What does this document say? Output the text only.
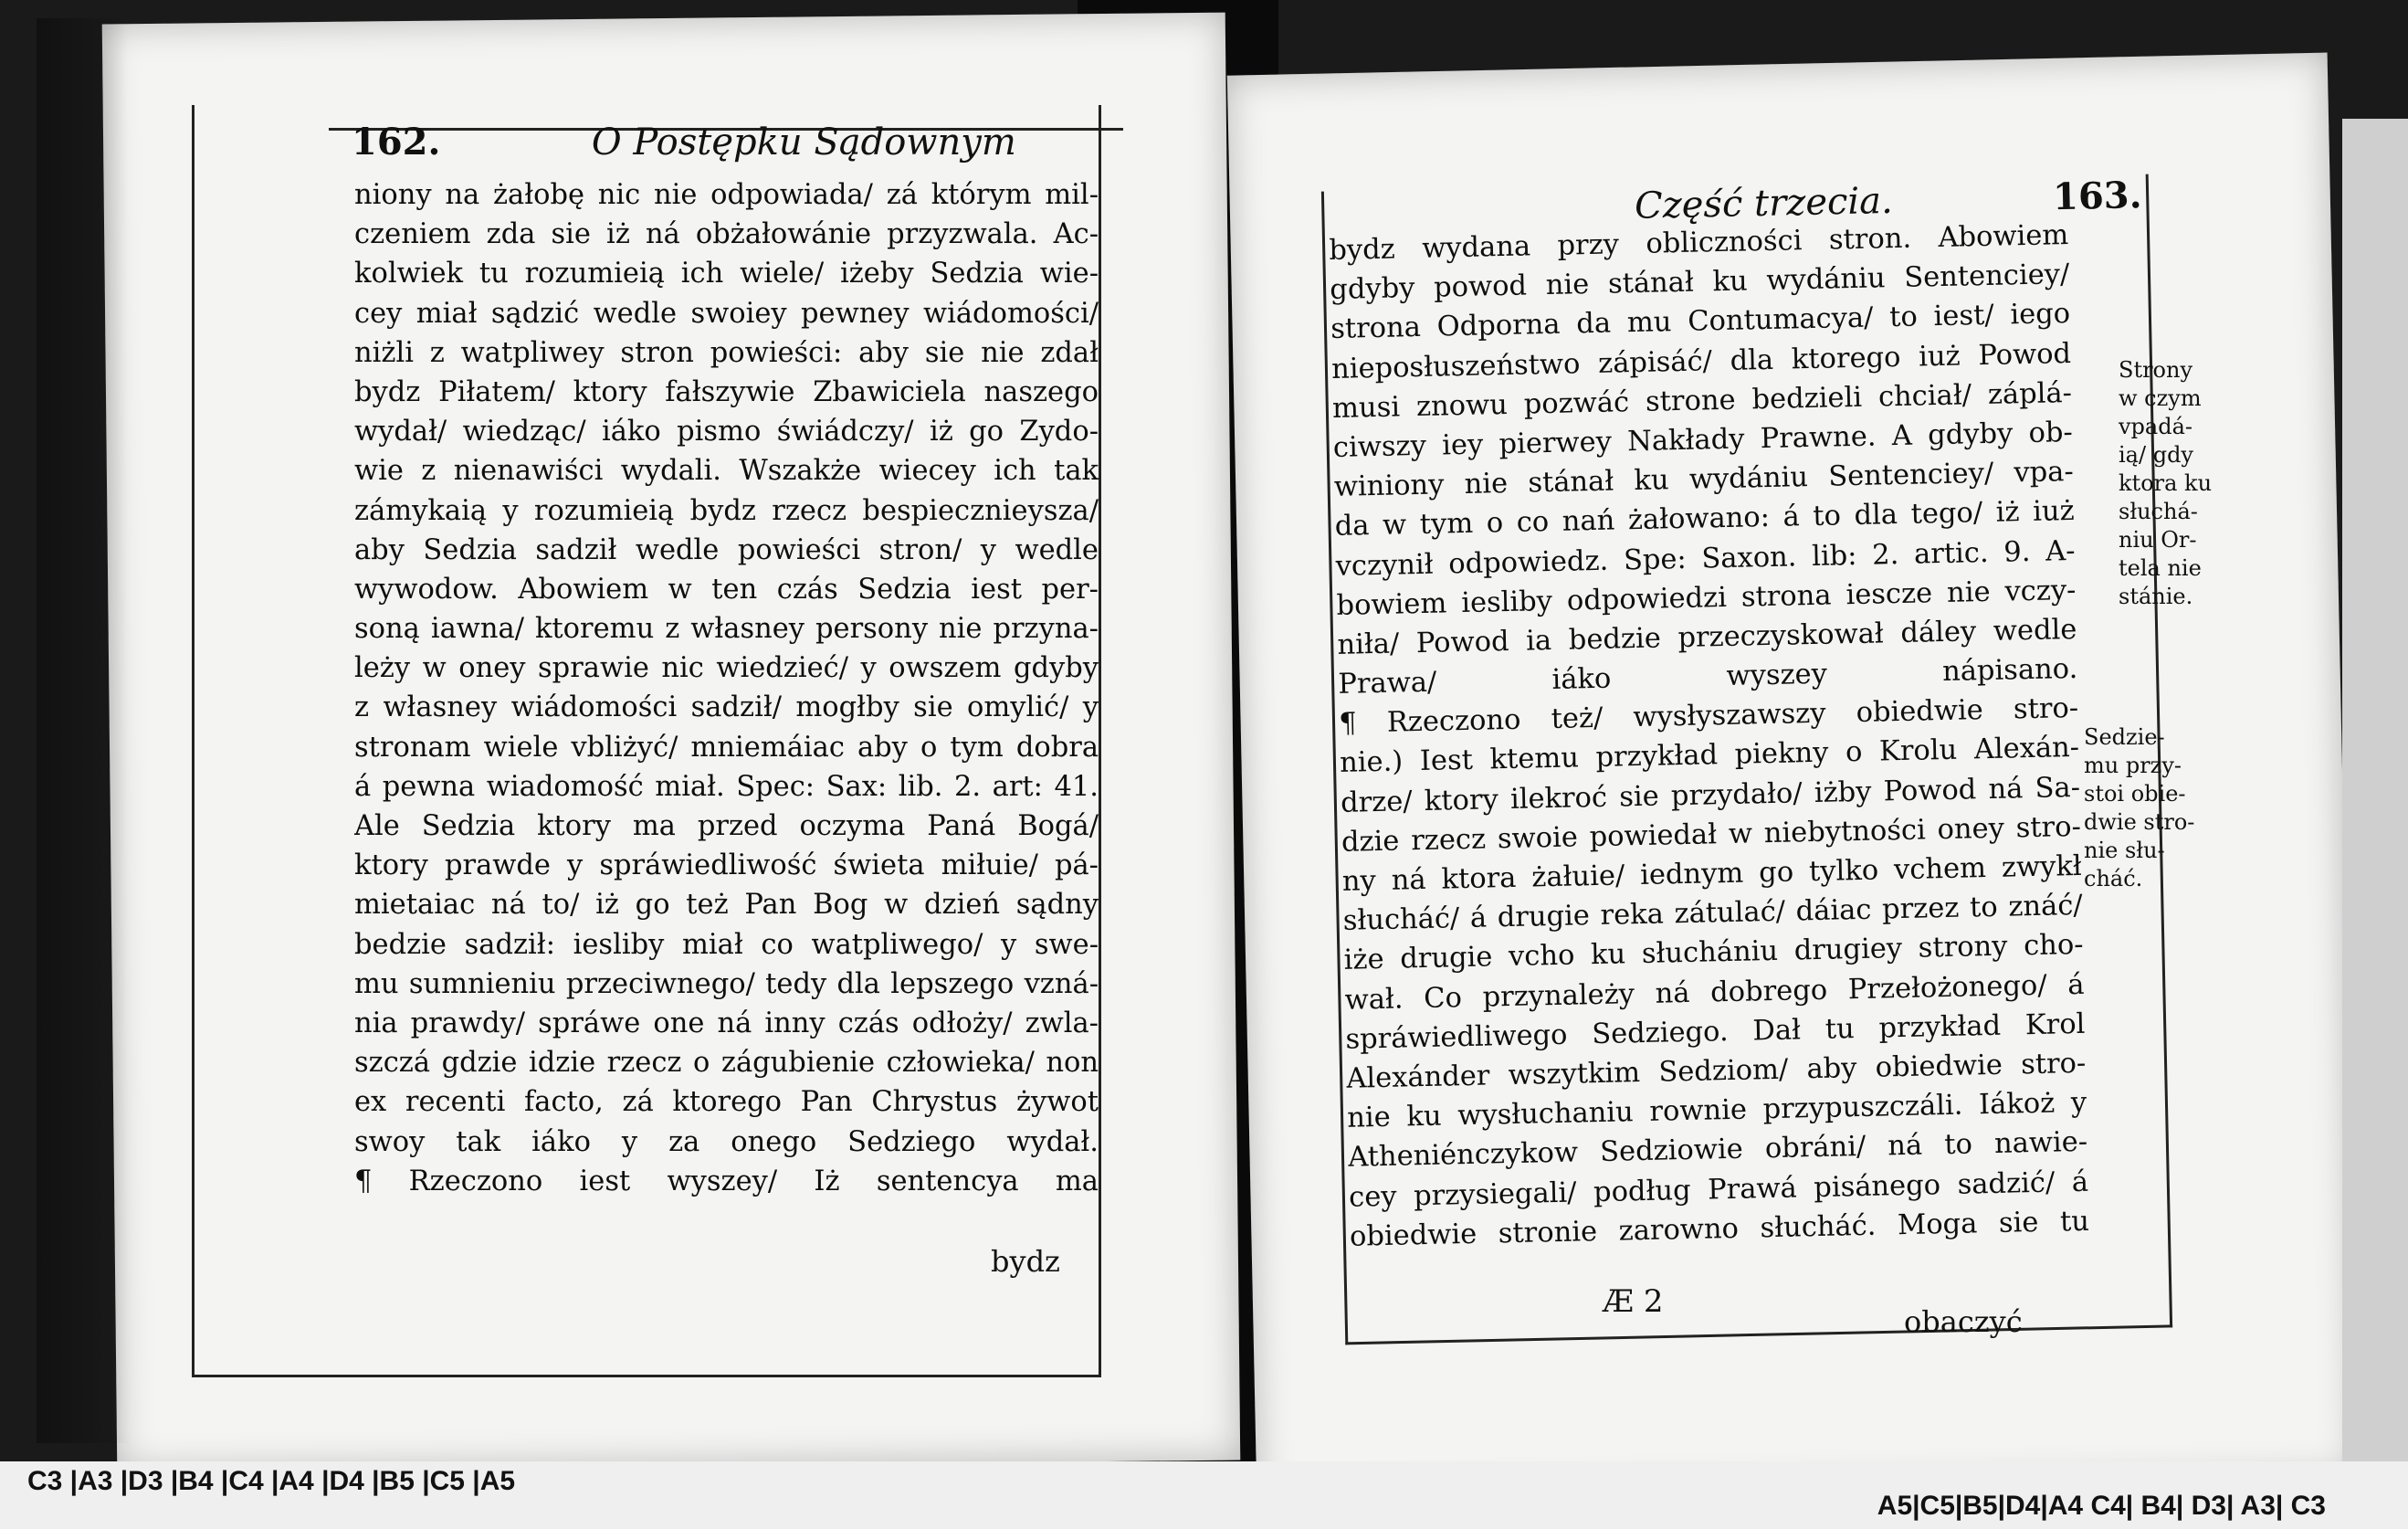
162.	O Postępku Sądownym
niony na żałobę nic nie odpowiada/ zá którym mil-
czeniem zda sie iż ná obżałowánie przyzwala. Ac-
kolwiek tu rozumieią ich wiele/ iżeby Sedzia wie-
cey miał sądzić wedle swoiey pewney wiádomości/
niżli z watpliwey stron powieści: aby sie nie zdał
bydz Piłatem/ ktory fałszywie Zbawiciela naszego
wydał/ wiedząc/ iáko pismo świádczy/ iż go Zydo-
wie z nienawiści wydali. Wszakże wiecey ich tak
zámykaią y rozumieią bydz rzecz bespiecznieysza/
aby Sedzia sadził wedle powieści stron/ y wedle
wywodow. Abowiem w ten czás Sedzia iest per-
soną iawna/ ktoremu z własney persony nie przyna-
leży w oney sprawie nic wiedzieć/ y owszem gdyby
z własney wiádomości sadził/ mogłby sie omylić/ y
stronam wiele vbliżyć/ mniemáiac aby o tym dobra
á pewna wiadomość miał. Spec: Sax: lib. 2. art: 41.
Ale Sedzia ktory ma przed oczyma Paná Bogá/
ktory prawde y spráwiedliwość świeta miłuie/ pá-
mietaiac ná to/ iż go też Pan Bog w dzień sądny
bedzie sadził: iesliby miał co watpliwego/ y swe-
mu sumnieniu przeciwnego/ tedy dla lepszego vzná-
nia prawdy/ spráwe one ná inny czás odłoży/ zwla-
szczá gdzie idzie rzecz o zágubienie człowieka/ non
ex recenti facto, zá ktorego Pan Chrystus żywot
swoy tak iáko y za onego Sedziego wydał.
¶ Rzeczono iest wyszey/ Iż sentencya ma
bydz
Część trzecia.	163.
bydz wydana przy obliczności stron. Abowiem
gdyby powod nie stánał ku wydániu Sentenciey/
strona Odporna da mu Contumacya/ to iest/ iego
nieposłuszeństwo zápisáć/ dla ktorego iuż Powod
musi znowu pozwáć strone bedzieli chciał/ záplá-
ciwszy iey pierwey Nakłady Prawne. A gdyby ob-
winiony nie stánał ku wydániu Sentenciey/ vpa-
da w tym o co nań żałowano: á to dla tego/ iż iuż
vczynił odpowiedz. Spe: Saxon. lib: 2. artic. 9. A-
bowiem iesliby odpowiedzi strona iescze nie vczy-
niła/ Powod ia bedzie przeczyskował dáley wedle
Prawa/ iáko wyszey nápisano.
¶ Rzeczono też/ wysłyszawszy obiedwie stro-
nie.) Iest ktemu przykład piekny o Krolu Alexán-
drze/ ktory ilekroć sie przydało/ iżby Powod ná Sa-
dzie rzecz swoie powiedał w niebytności oney stro-
ny ná ktora żałuie/ iednym go tylko vchem zwykł
słucháć/ á drugie reka zátulać/ dáiac przez to znáć/
iże drugie vcho ku słuchániu drugiey strony cho-
wał. Co przynależy ná dobrego Przełożonego/ á
spráwiedliwego Sedziego. Dał tu przykład Krol
Alexánder wszytkim Sedziom/ aby obiedwie stro-
nie ku wysłuchaniu rownie przypuszczáli. Iákoż y
Atheniénczykow Sedziowie obráni/ ná to nawie-
cey przysiegali/ podług Prawá pisánego sadzić/ á
obiedwie stronie zarowno słucháć. Moga sie tu
Æ 2
obaczyć
Strony
w czym
vpadá-
ią/ gdy
ktora ku
słuchá-
niu Or-
tela nie
stánie.
Sedzie-
mu przy-
stoi obie-
dwie stro-
nie słu-
cháć.
C3 |A3 |D3 |B4 |C4 |A4 |D4 |B5 |C5 |A5
A5|C5|B5|D4|A4 C4| B4| D3| A3| C3
